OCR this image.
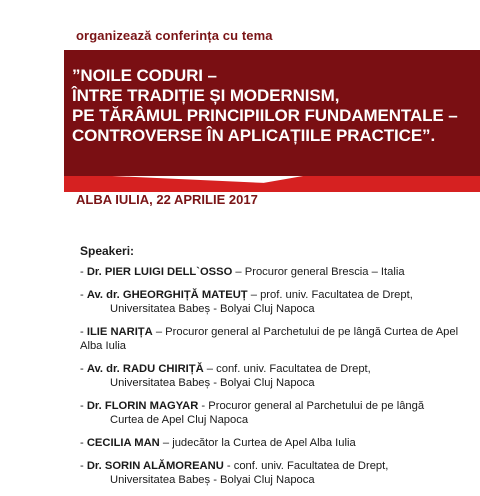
organizează conferința cu tema
”NOILE CODURI –
ÎNTRE TRADIȚIE ȘI MODERNISM,
PE TĂRÂMUL PRINCIPIILOR FUNDAMENTALE –
CONTROVERSE ÎN APLICAȚIILE PRACTICE”.
ALBA IULIA, 22 APRILIE 2017
Speakeri:
- Dr. PIER LUIGI DELL`OSSO – Procuror general Brescia – Italia
- Av. dr. GHEORGHIȚĂ MATEUȚ – prof. univ. Facultatea de Drept,
Universitatea Babeș - Bolyai Cluj Napoca
- ILIE NARIȚA – Procuror general al Parchetului de pe lângă Curtea de Apel Alba Iulia
- Av. dr. RADU CHIRIȚĂ – conf. univ. Facultatea de Drept,
Universitatea Babeș - Bolyai Cluj Napoca
- Dr. FLORIN MAGYAR - Procuror general al Parchetului de pe lângă
Curtea de Apel Cluj Napoca
- CECILIA MAN – judecător la Curtea de Apel Alba Iulia
- Dr. SORIN ALĂMOREANU - conf. univ. Facultatea de Drept,
Universitatea Babeș - Bolyai Cluj Napoca
